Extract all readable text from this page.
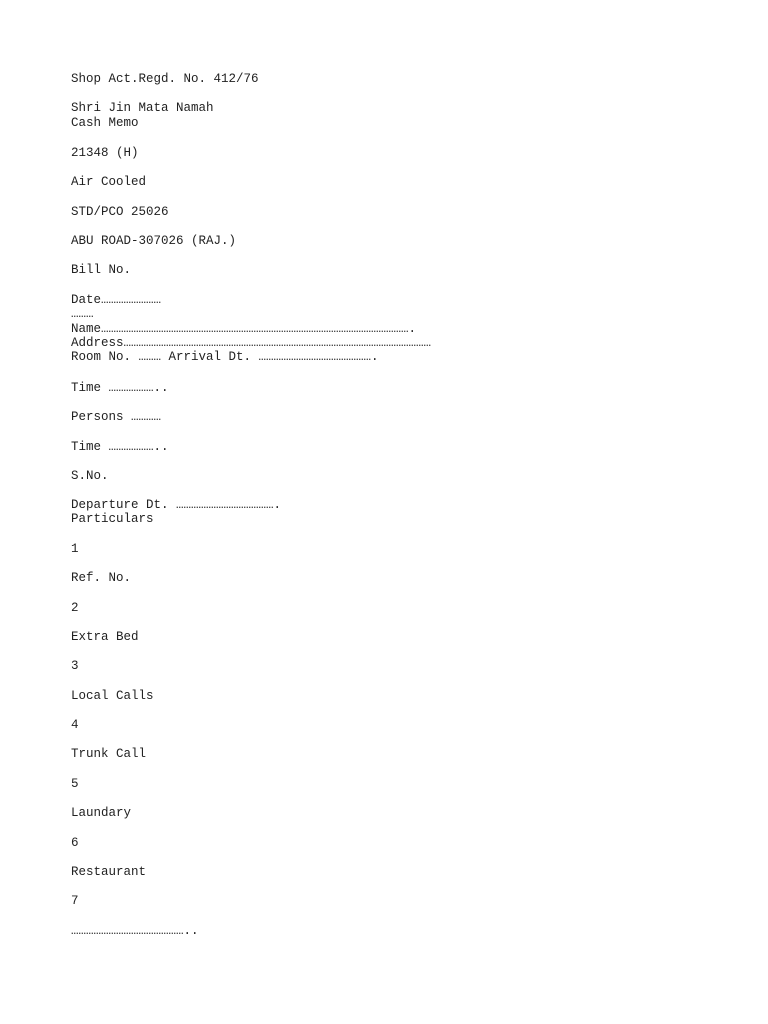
Shop Act.Regd. No. 412/76

Shri Jin Mata Namah

Cash Memo

21348 (H)

Air Cooled

STD/PCO 25026

ABU ROAD-307026 (RAJ.)

Bill No.

Date……………………

………

Name…………………………………………………………………………………………………………….

Address……………………………………………………………………………………………………………

Room No. ……… Arrival Dt. ……………………………………….

Time ………………..

Persons …………

Time ………………..

S.No.

Departure Dt. ………………………………….

Particulars

1

Ref. No.

2

Extra Bed

3

Local Calls

4

Trunk Call

5

Laundary

6

Restaurant

7

………………………………………..
